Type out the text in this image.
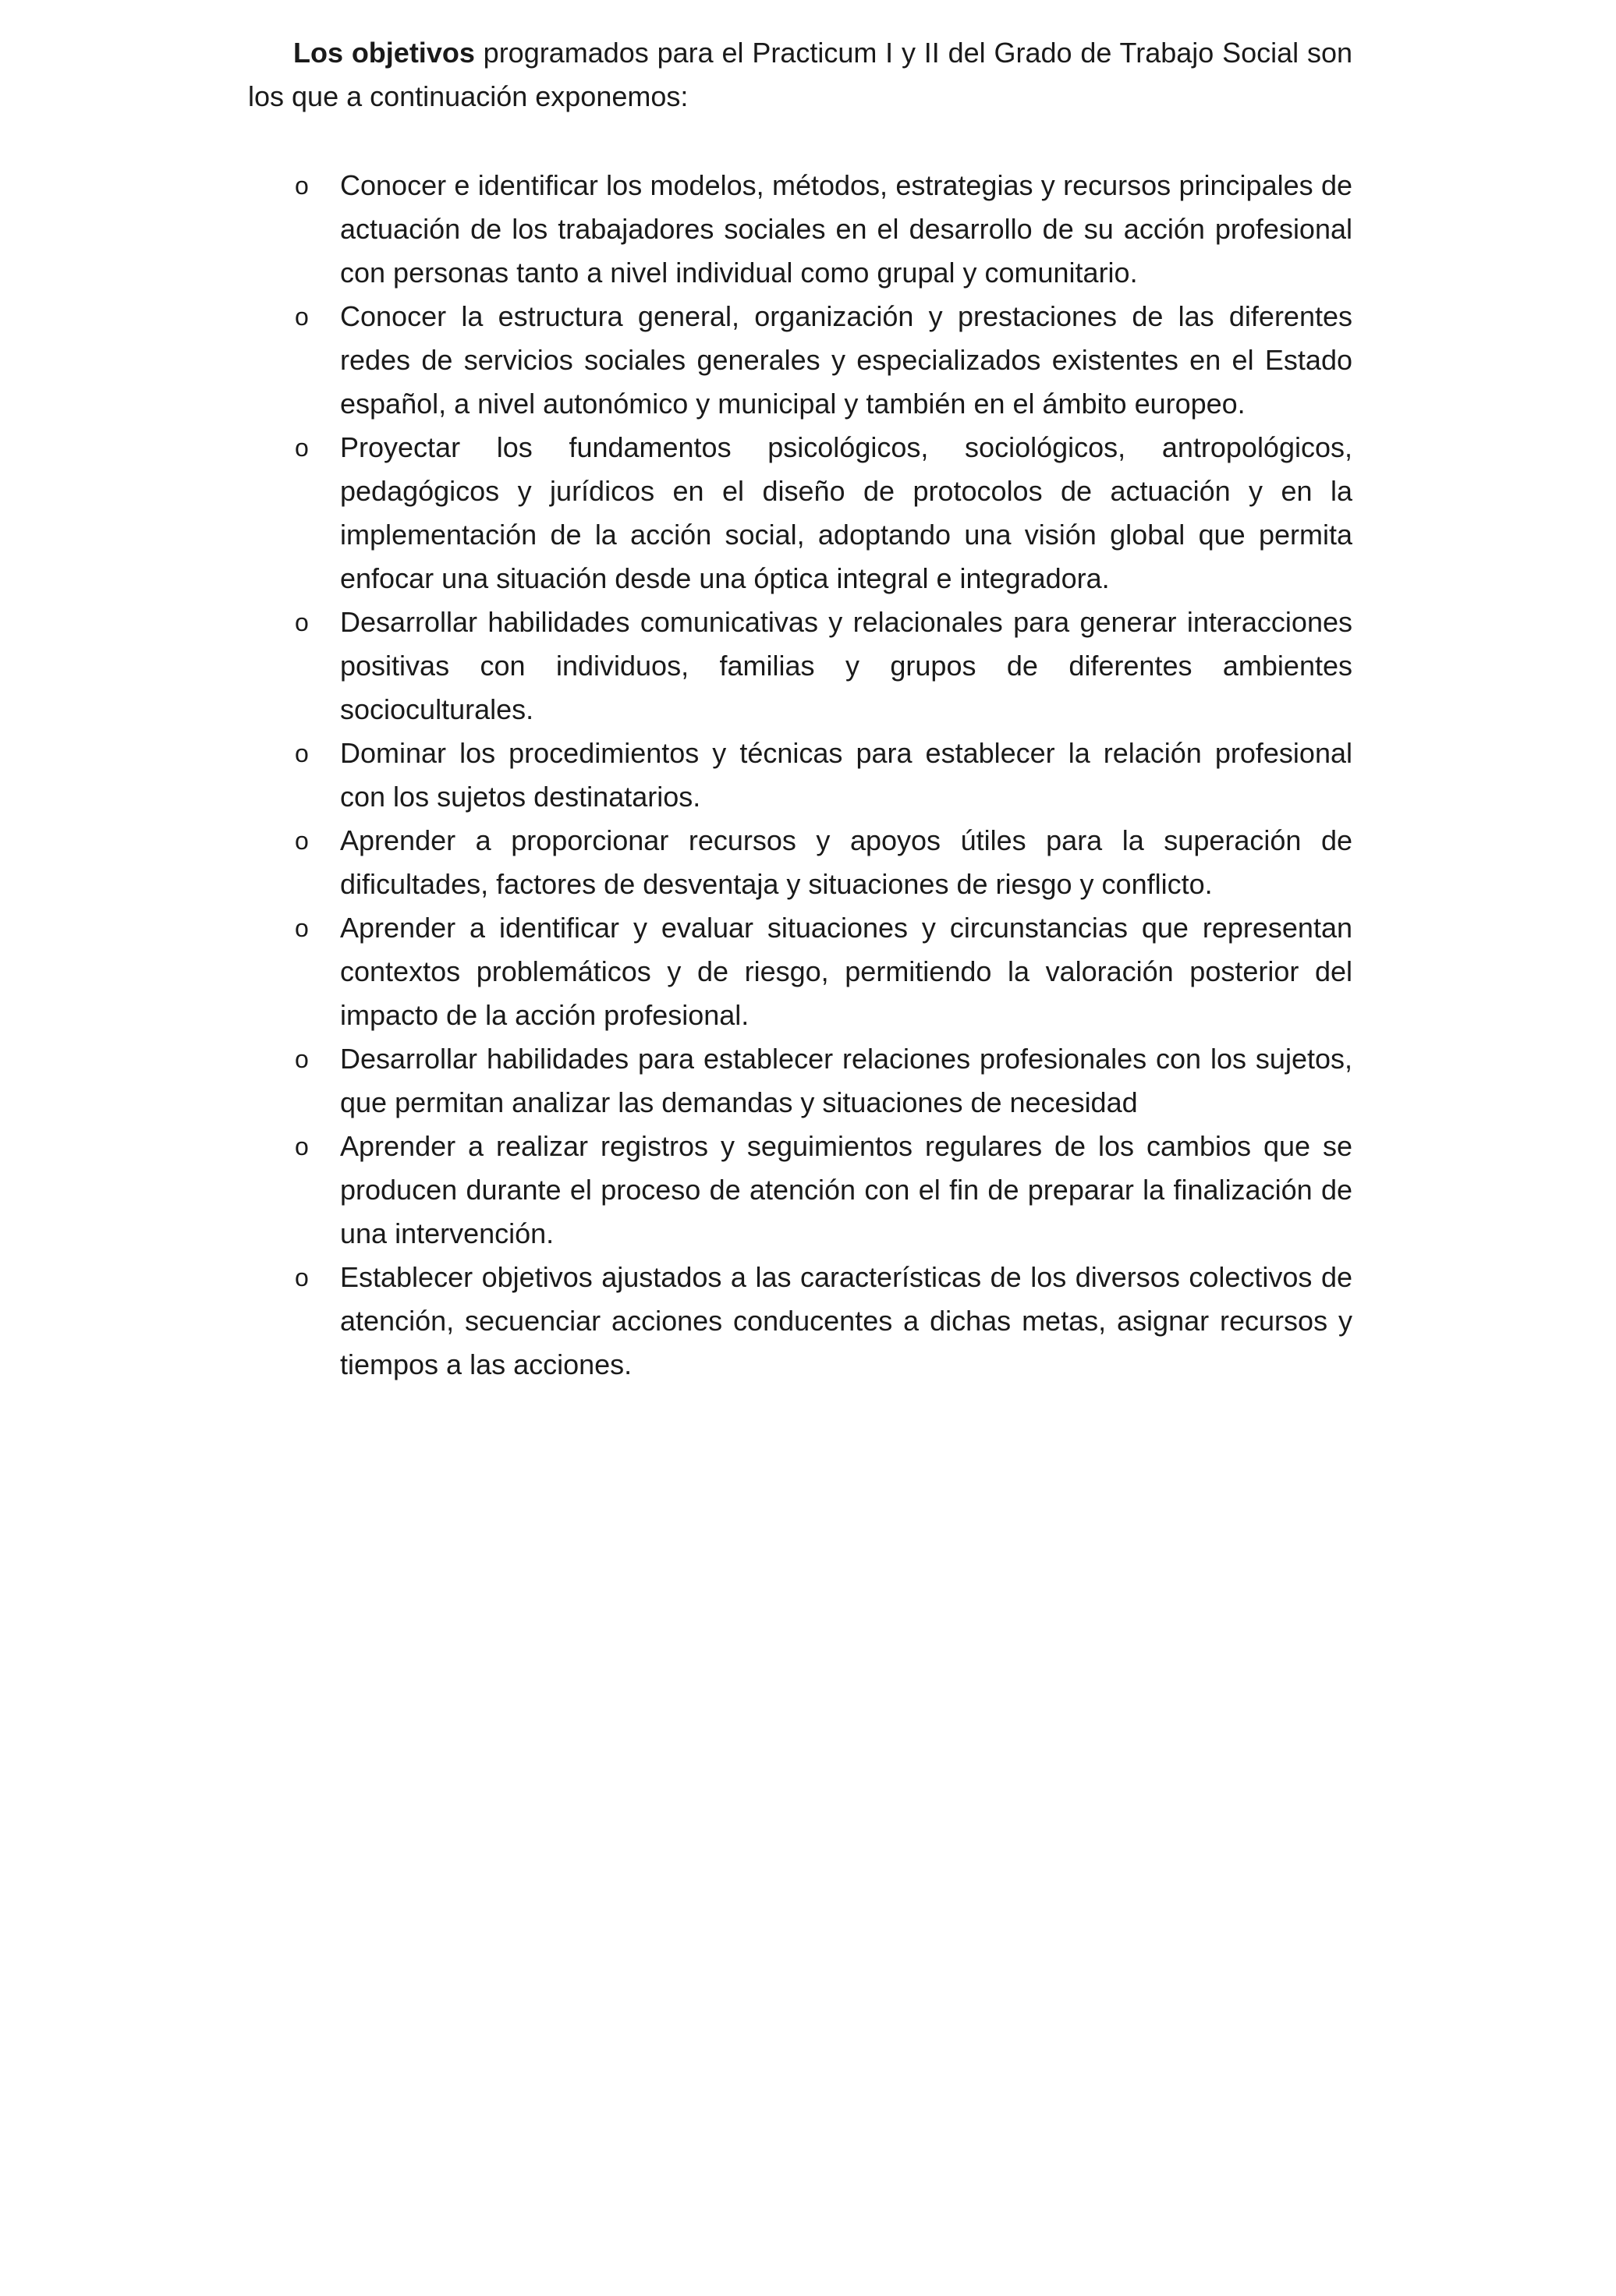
Los objetivos programados para el Practicum I y II del Grado de Trabajo Social son los que a continuación exponemos:

o	Conocer e identificar los modelos, métodos, estrategias y recursos principales de actuación de los trabajadores sociales en el desarrollo de su acción profesional con personas tanto a nivel individual como grupal y comunitario.
o	Conocer la estructura general, organización y prestaciones de las diferentes redes de servicios sociales generales y especializados existentes en el Estado español, a nivel autonómico y municipal y también en el ámbito europeo.
o	Proyectar los fundamentos psicológicos, sociológicos, antropológicos, pedagógicos y jurídicos en el diseño de protocolos de actuación y en la implementación de la acción social, adoptando una visión global que permita enfocar una situación desde una óptica integral e integradora.
o	Desarrollar habilidades comunicativas y relacionales para generar interacciones positivas con individuos, familias y grupos de diferentes ambientes socioculturales.
o	Dominar los procedimientos y técnicas para establecer la relación profesional con los sujetos destinatarios.
o	Aprender a proporcionar recursos y apoyos útiles para la superación de dificultades, factores de desventaja y situaciones de riesgo y conflicto.
o	Aprender a identificar y evaluar situaciones y circunstancias que representan contextos problemáticos y de riesgo, permitiendo la valoración posterior del impacto de la acción profesional.
o	Desarrollar habilidades para establecer relaciones profesionales con los sujetos, que permitan analizar las demandas y situaciones de necesidad
o	Aprender a realizar registros y seguimientos regulares de los cambios que se producen durante el proceso de atención con el fin de preparar la finalización de una intervención.
o	Establecer objetivos ajustados a las características de los diversos colectivos de atención, secuenciar acciones conducentes a dichas metas, asignar recursos y tiempos a las acciones.
